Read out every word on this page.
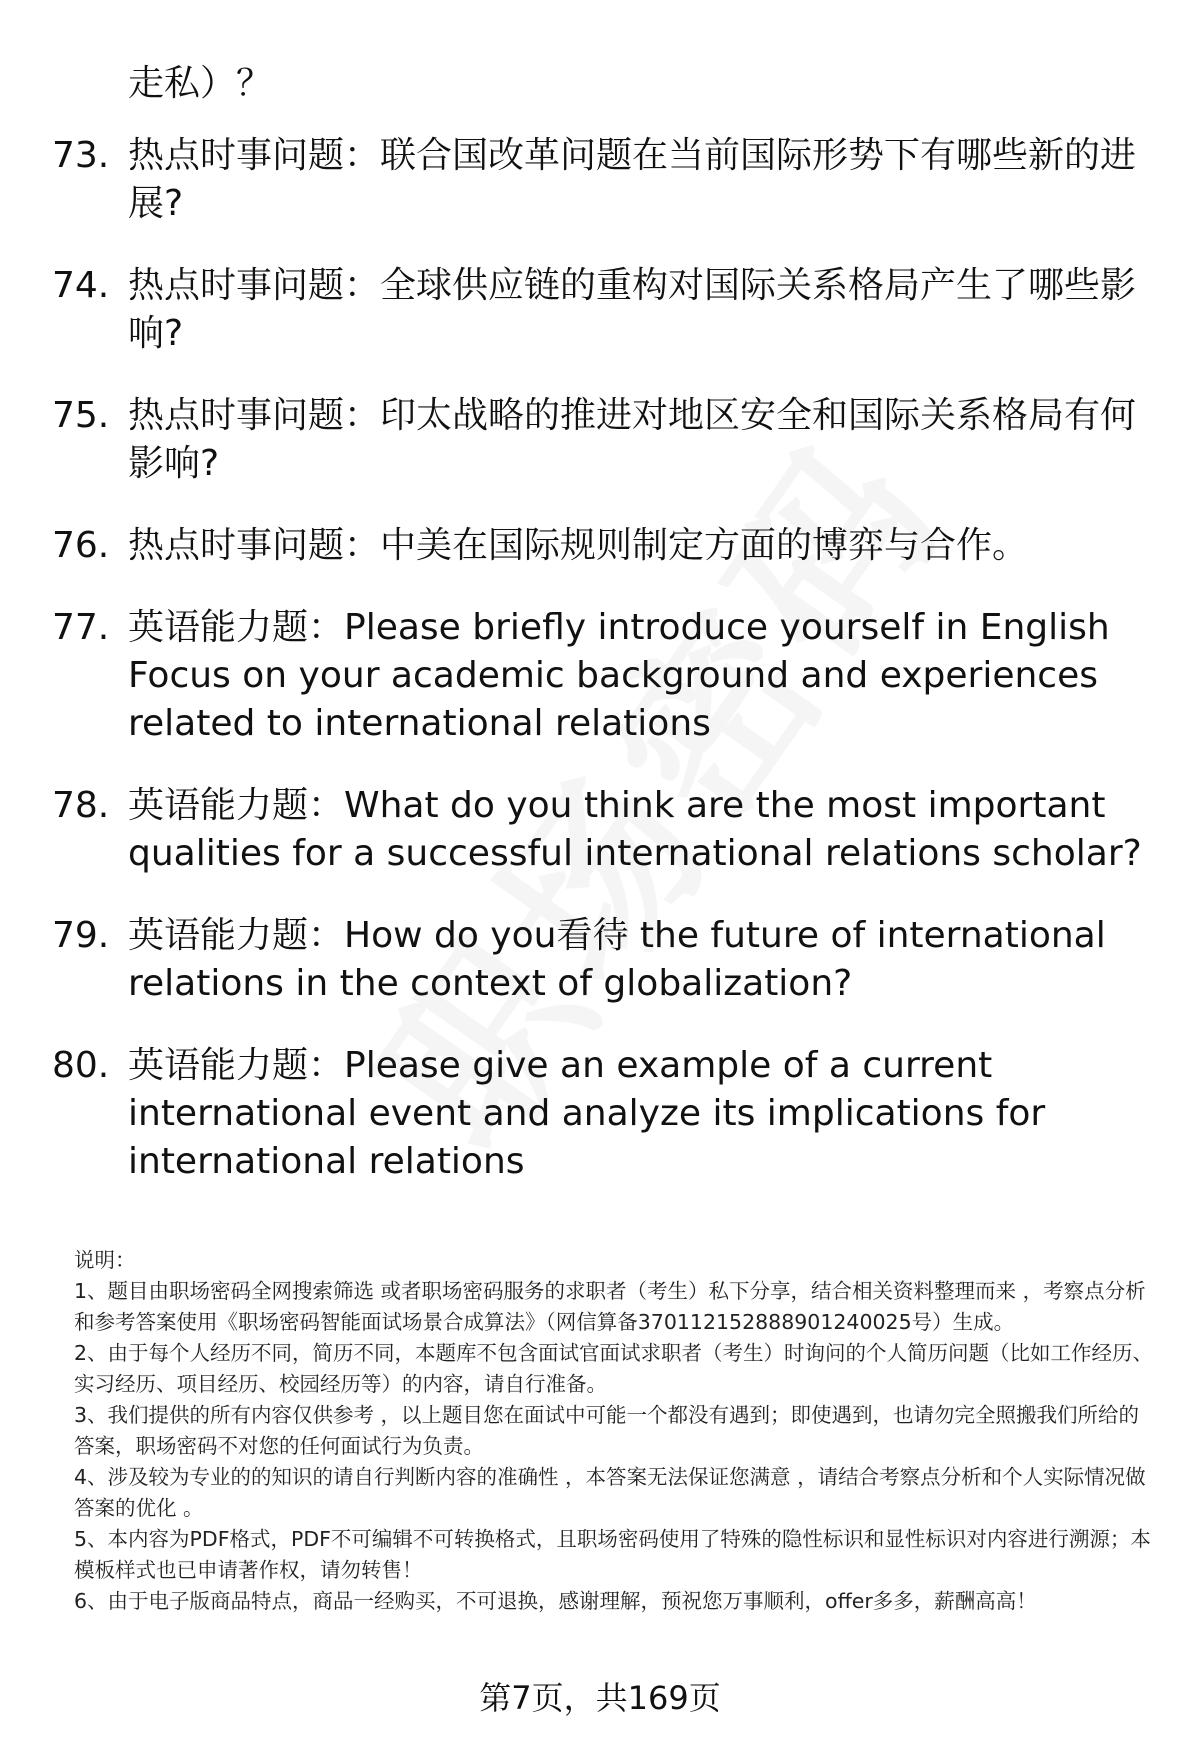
走私）？

73. 热点时事问题：联合国改革问题在当前国际形势下有哪些新的进展?
74. 热点时事问题：全球供应链的重构对国际关系格局产生了哪些影响?
75. 热点时事问题：印太战略的推进对地区安全和国际关系格局有何影响?
76. 热点时事问题：中美在国际规则制定方面的博弈与合作。
77. 英语能力题：Please briefly introduce yourself in English Focus on your academic background and experiences related to international relations
78. 英语能力题：What do you think are the most important qualities for a successful international relations scholar?
79. 英语能力题：How do you看待 the future of international relations in the context of globalization?
80. 英语能力题：Please give an example of a current international event and analyze its implications for international relations
说明：
1、题目由职场密码全网搜索筛选 或者职场密码服务的求职者（考生）私下分享，结合相关资料整理而来 ，考察点分析和参考答案使用《职场密码智能面试场景合成算法》（网信算备370112152888901240025号）生成。
2、由于每个人经历不同，简历不同，本题库不包含面试官面试求职者（考生）时询问的个人简历问题（比如工作经历、实习经历、项目经历、校园经历等）的内容，请自行准备。
3、我们提供的所有内容仅供参考 ，以上题目您在面试中可能一个都没有遇到；即使遇到，也请勿完全照搬我们所给的答案，职场密码不对您的任何面试行为负责。
4、涉及较为专业的的知识的请自行判断内容的准确性 ，本答案无法保证您满意 ，请结合考察点分析和个人实际情况做答案的优化 。
5、本内容为PDF格式，PDF不可编辑不可转换格式，且职场密码使用了特殊的隐性标识和显性标识对内容进行溯源；本模板样式也已申请著作权，请勿转售！
6、由于电子版商品特点，商品一经购买，不可退换，感谢理解，预祝您万事顺利，offer多多，薪酬高高！
第7页，共169页
